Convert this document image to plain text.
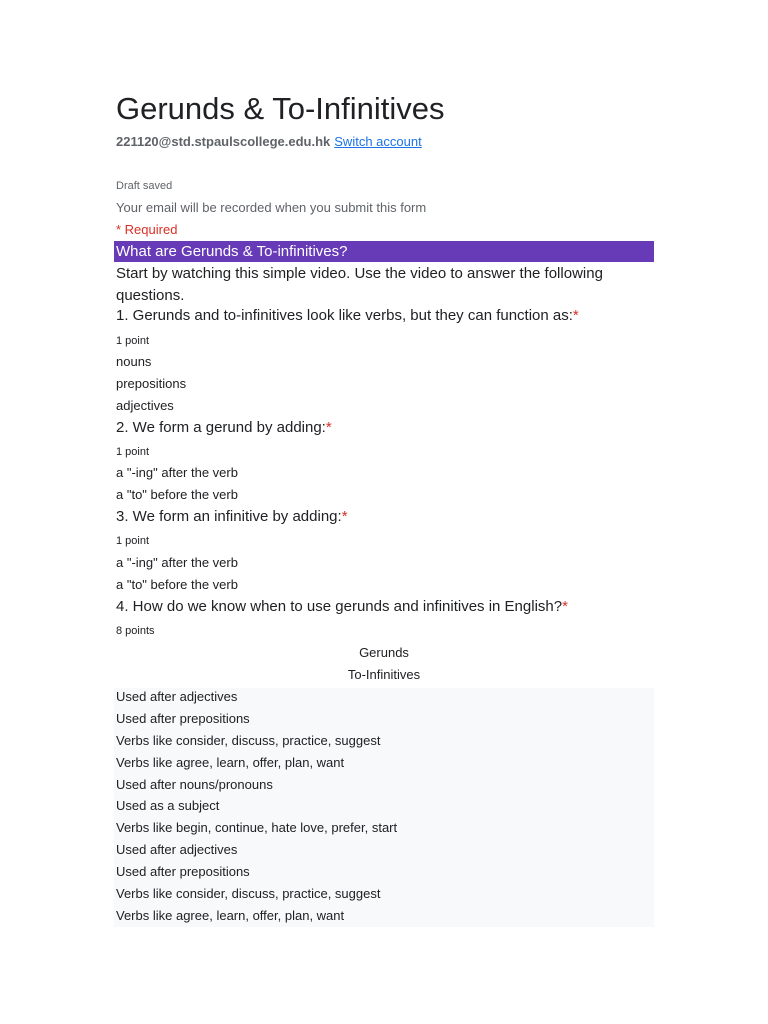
Gerunds & To-Infinitives
221120@std.stpaulscollege.edu.hk Switch account
Draft saved
Your email will be recorded when you submit this form
* Required
What are Gerunds & To-infinitives?
Start by watching this simple video. Use the video to answer the following questions.
1. Gerunds and to-infinitives look like verbs, but they can function as:*
1 point
nouns
prepositions
adjectives
2. We form a gerund by adding:*
1 point
a "-ing" after the verb
a "to" before the verb
3. We form an infinitive by adding:*
1 point
a "-ing" after the verb
a "to" before the verb
4. How do we know when to use gerunds and infinitives in English?*
8 points
Gerunds
To-Infinitives
Used after adjectives
Used after prepositions
Verbs like consider, discuss, practice, suggest
Verbs like agree, learn, offer, plan, want
Used after nouns/pronouns
Used as a subject
Verbs like begin, continue, hate love, prefer, start
Used after adjectives
Used after prepositions
Verbs like consider, discuss, practice, suggest
Verbs like agree, learn, offer, plan, want
